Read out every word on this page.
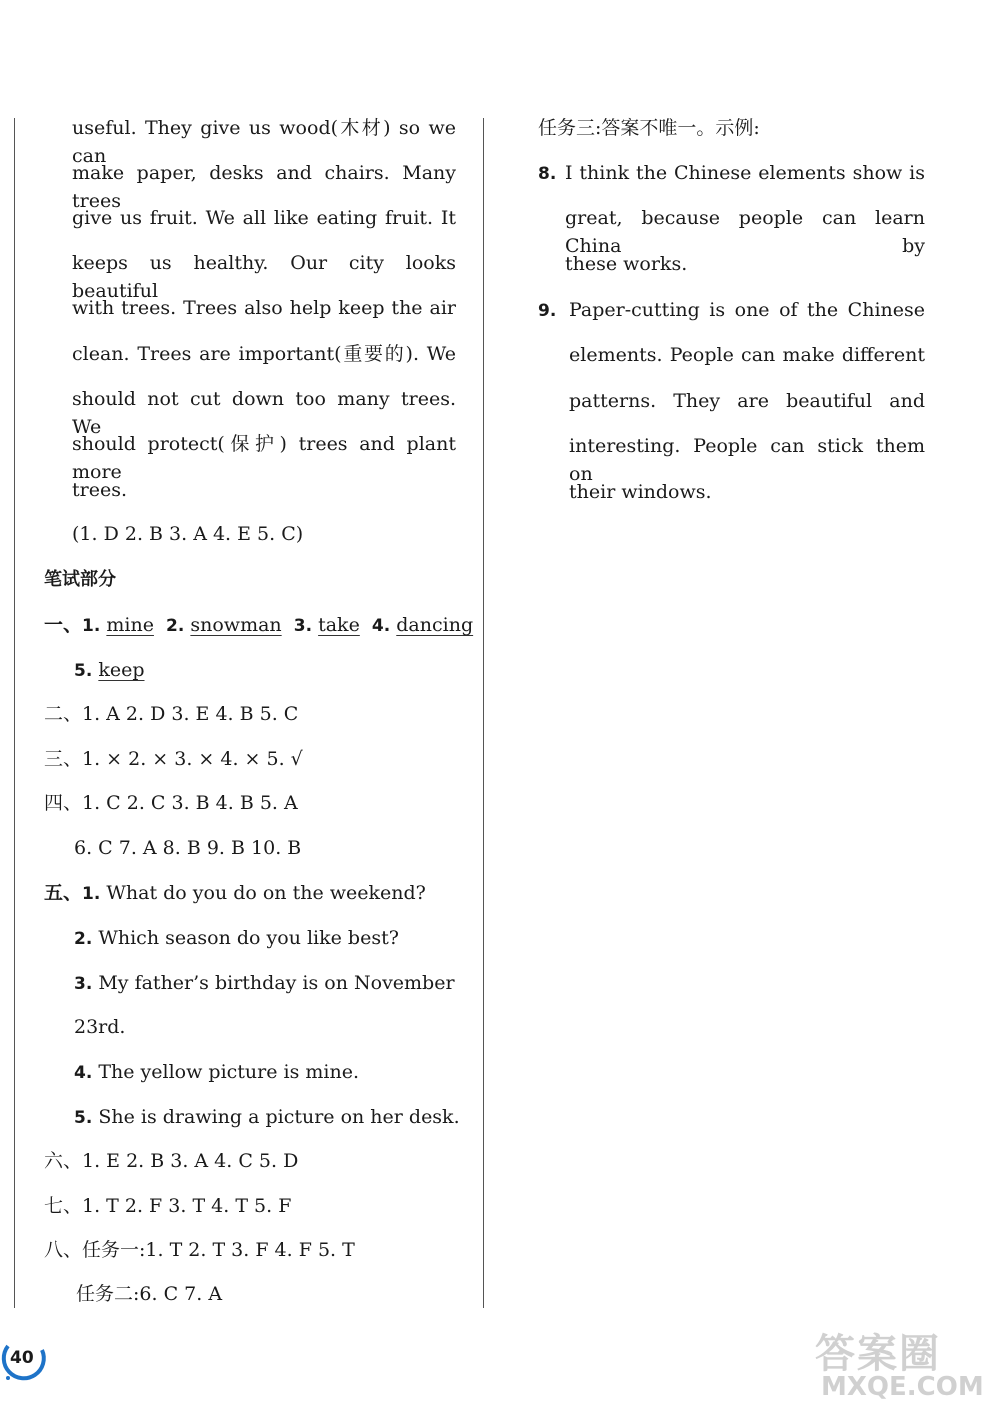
useful. They give us wood(木材) so we can
make paper, desks and chairs. Many trees
give us fruit. We all like eating fruit. It
keeps us healthy. Our city looks beautiful
with trees. Trees also help keep the air
clean. Trees are important(重要的). We
should not cut down too many trees. We
should protect(保护) trees and plant more
trees.
(1. D 2. B 3. A 4. E 5. C)
笔试部分
一、1. mine 2. snowman 3. take 4. dancing
5. keep
二、1. A 2. D 3. E 4. B 5. C
三、1. × 2. × 3. × 4. × 5. √
四、1. C 2. C 3. B 4. B 5. A
6. C 7. A 8. B 9. B 10. B
五、1. What do you do on the weekend?
2. Which season do you like best?
3. My father’s birthday is on November
23rd.
4. The yellow picture is mine.
5. She is drawing a picture on her desk.
六、1. E 2. B 3. A 4. C 5. D
七、1. T 2. F 3. T 4. T 5. F
八、任务一:1. T 2. T 3. F 4. F 5. T
任务二:6. C 7. A
任务三:答案不唯一。示例:
8. I think the Chinese elements show is
great, because people can learn China by
these works.
9. Paper-cutting is one of the Chinese
elements. People can make different
patterns. They are beautiful and
interesting. People can stick them on
their windows.
40	答案圈
MXQE.COM
